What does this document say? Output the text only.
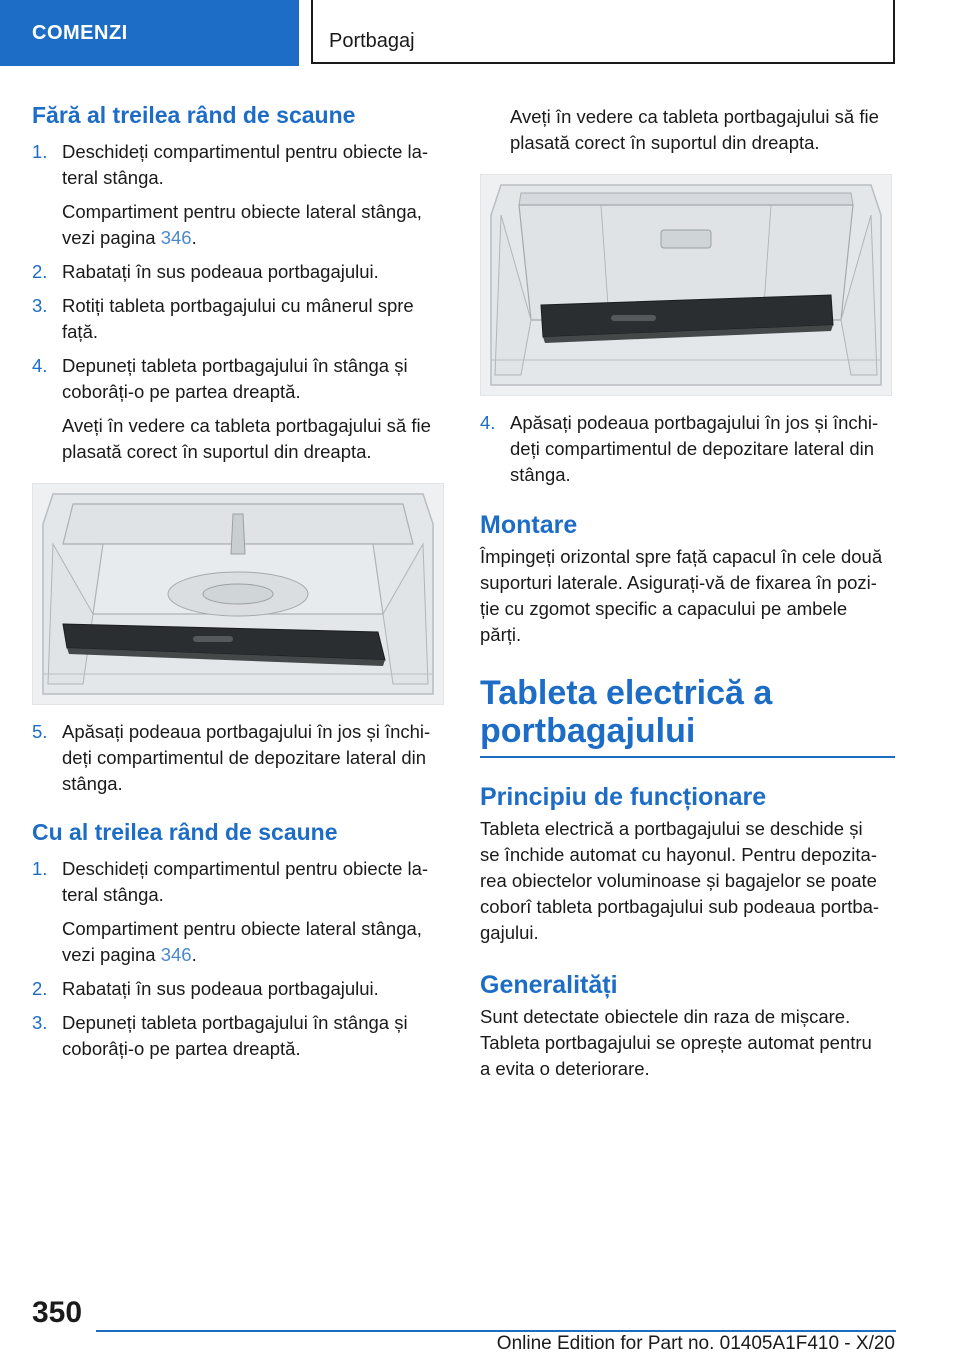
COMENZI	Portbagaj
Fără al treilea rând de scaune
1. Deschideți compartimentul pentru obiecte la‐
teral stânga.
Compartiment pentru obiecte lateral stânga,
vezi pagina 346.
2. Rabatați în sus podeaua portbagajului.
3. Rotiți tableta portbagajului cu mânerul spre
față.
4. Depuneți tableta portbagajului în stânga și
coborâți-o pe partea dreaptă.
Aveți în vedere ca tableta portbagajului să fie
plasată corect în suportul din dreapta.
5. Apăsați podeaua portbagajului în jos și închi‐
deți compartimentul de depozitare lateral din
stânga.
Cu al treilea rând de scaune
1. Deschideți compartimentul pentru obiecte la‐
teral stânga.
Compartiment pentru obiecte lateral stânga,
vezi pagina 346.
2. Rabatați în sus podeaua portbagajului.
3. Depuneți tableta portbagajului în stânga și
coborâți-o pe partea dreaptă.
Aveți în vedere ca tableta portbagajului să fie
plasată corect în suportul din dreapta.
4. Apăsați podeaua portbagajului în jos și închi‐
deți compartimentul de depozitare lateral din
stânga.
Montare
Împingeți orizontal spre față capacul în cele două
suporturi laterale. Asigurați-vă de fixarea în pozi‐
ție cu zgomot specific a capacului pe ambele
părți.
Tableta electrică a
portbagajului
Principiu de funcționare
Tableta electrică a portbagajului se deschide și
se închide automat cu hayonul. Pentru depozita‐
rea obiectelor voluminoase și bagajelor se poate
coborî tableta portbagajului sub podeaua portba‐
gajului.
Generalități
Sunt detectate obiectele din raza de mișcare.
Tableta portbagajului se oprește automat pentru
a evita o deteriorare.
350
Online Edition for Part no. 01405A1F410 - X/20
